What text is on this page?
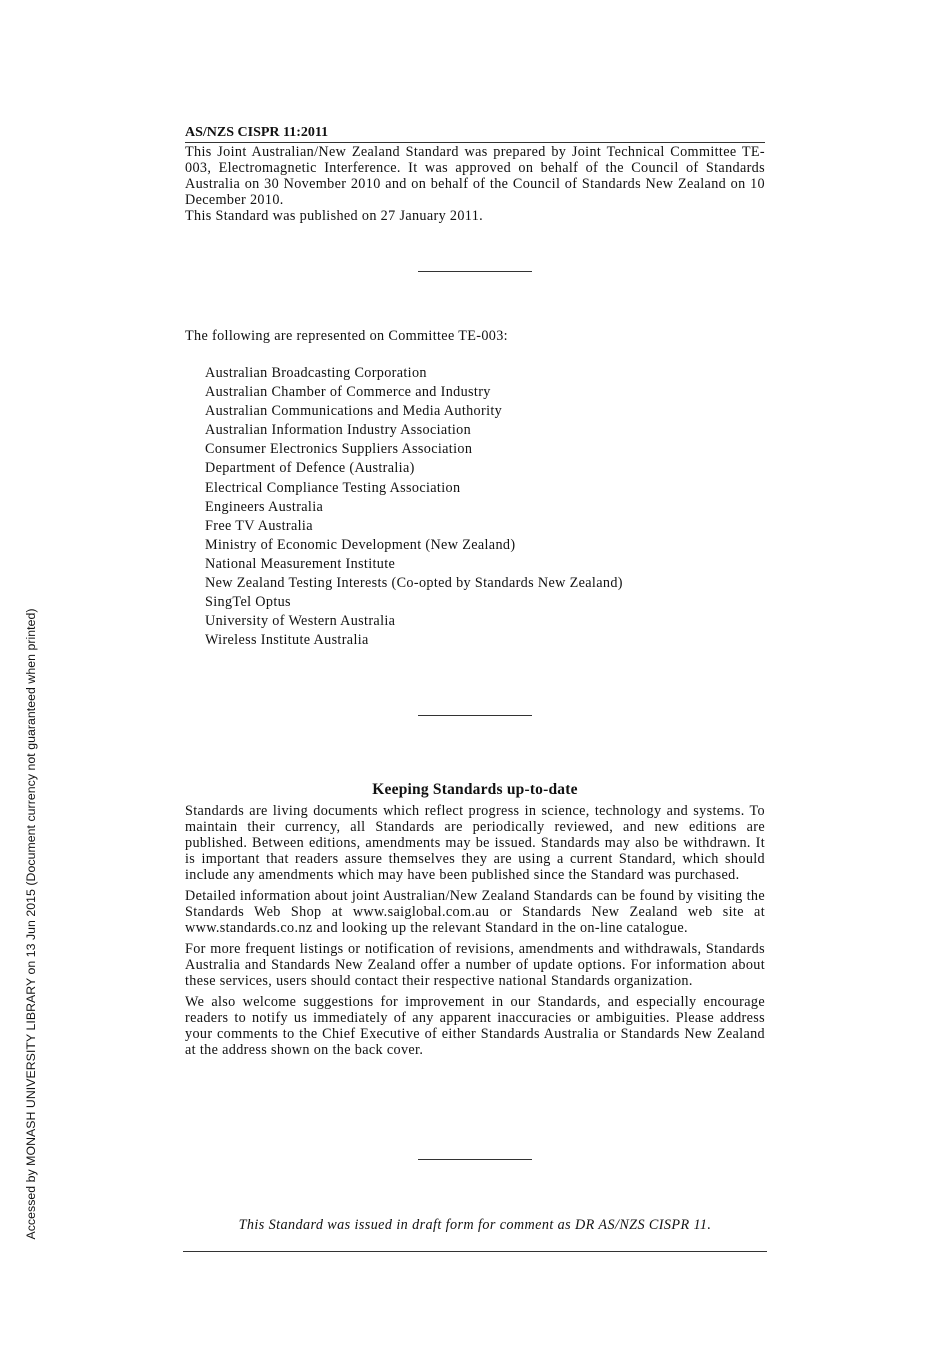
Accessed by MONASH UNIVERSITY LIBRARY on 13 Jun 2015 (Document currency not guaranteed when printed)
AS/NZS CISPR 11:2011

This Joint Australian/New Zealand Standard was prepared by Joint Technical Committee TE-003, Electromagnetic Interference. It was approved on behalf of the Council of Standards Australia on 30 November 2010 and on behalf of the Council of Standards New Zealand on 10 December 2010.

This Standard was published on 27 January 2011.

The following are represented on Committee TE-003:
Australian Broadcasting Corporation
Australian Chamber of Commerce and Industry
Australian Communications and Media Authority
Australian Information Industry Association
Consumer Electronics Suppliers Association
Department of Defence (Australia)
Electrical Compliance Testing Association
Engineers Australia
Free TV Australia
Ministry of Economic Development (New Zealand)
National Measurement Institute
New Zealand Testing Interests (Co-opted by Standards New Zealand)
SingTel Optus
University of Western Australia
Wireless Institute Australia
Keeping Standards up-to-date

Standards are living documents which reflect progress in science, technology and systems. To maintain their currency, all Standards are periodically reviewed, and new editions are published. Between editions, amendments may be issued. Standards may also be withdrawn. It is important that readers assure themselves they are using a current Standard, which should include any amendments which may have been published since the Standard was purchased.

Detailed information about joint Australian/New Zealand Standards can be found by visiting the Standards Web Shop at www.saiglobal.com.au or Standards New Zealand web site at www.standards.co.nz and looking up the relevant Standard in the on-line catalogue.

For more frequent listings or notification of revisions, amendments and withdrawals, Standards Australia and Standards New Zealand offer a number of update options. For information about these services, users should contact their respective national Standards organization.

We also welcome suggestions for improvement in our Standards, and especially encourage readers to notify us immediately of any apparent inaccuracies or ambiguities. Please address your comments to the Chief Executive of either Standards Australia or Standards New Zealand at the address shown on the back cover.

This Standard was issued in draft form for comment as DR AS/NZS CISPR 11.
